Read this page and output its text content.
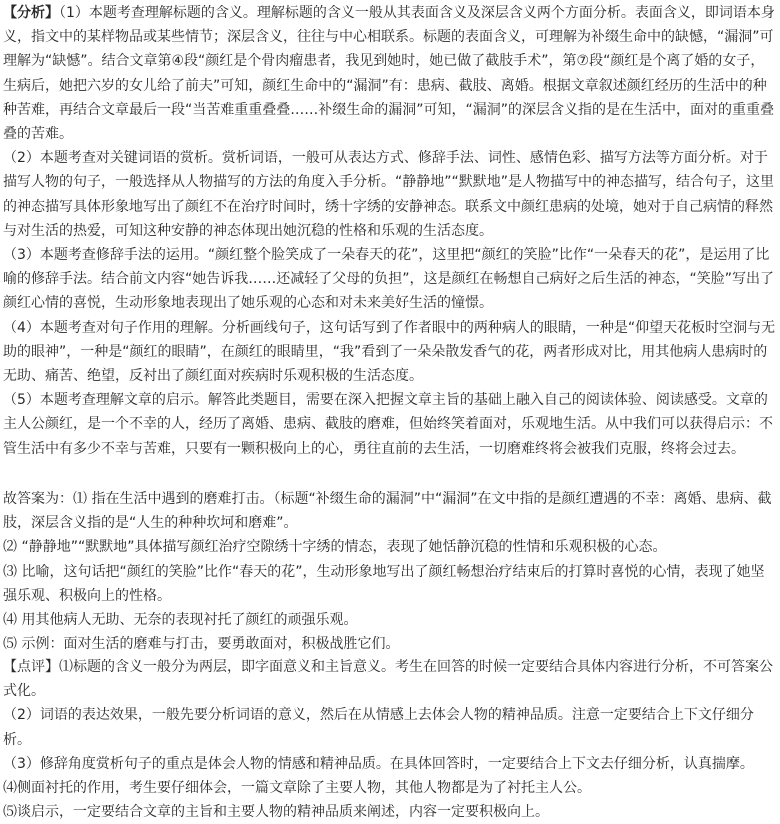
【分析】（1）本题考查理解标题的含义。理解标题的含义一般从其表面含义及深层含义两个方面分析。表面含义，即词语本身义，指文中的某样物品或某些情节；深层含义，往往与中心相联系。标题的表面含义，可理解为补缀生命中的缺憾，“漏洞”可理解为“缺憾”。结合文章第④段“颜红是个骨肉瘤患者，我见到她时，她已做了截肢手术”，第⑦段“颜红是个离了婚的女子，生病后，她把六岁的女儿给了前夫”可知，颜红生命中的“漏洞”有：患病、截肢、离婚。根据文章叙述颜红经历的生活中的种种苦难，再结合文章最后一段“当苦难重重叠叠……补缀生命的漏洞”可知，“漏洞”的深层含义指的是在生活中，面对的重重叠叠的苦难。

（2）本题考查对关键词语的赏析。赏析词语，一般可从表达方式、修辞手法、词性、感情色彩、描写方法等方面分析。对于描写人物的句子，一般选择从人物描写的方法的角度入手分析。“静静地”“默默地”是人物描写中的神态描写，结合句子，这里的神态描写具体形象地写出了颜红不在治疗时间时，绣十字绣的安静神态。联系文中颜红患病的处境，她对于自己病情的释然与对生活的热爱，可知这种安静的神态体现出她沉稳的性格和乐观的生活态度。

（3）本题考查修辞手法的运用。“颜红整个脸笑成了一朵春天的花”，这里把“颜红的笑脸”比作“一朵春天的花”，是运用了比喻的修辞手法。结合前文内容“她告诉我……还减轻了父母的负担”，这是颜红在畅想自己病好之后生活的神态，“笑脸”写出了颜红心情的喜悦，生动形象地表现出了她乐观的心态和对未来美好生活的憧憬。

（4）本题考查对句子作用的理解。分析画线句子，这句话写到了作者眼中的两种病人的眼睛，一种是“仰望天花板时空洞与无助的眼神”，一种是“颜红的眼睛”，在颜红的眼睛里，“我”看到了一朵朵散发香气的花，两者形成对比，用其他病人患病时的无助、痛苦、绝望，反衬出了颜红面对疾病时乐观积极的生活态度。

（5）本题考查理解文章的启示。解答此类题目，需要在深入把握文章主旨的基础上融入自己的阅读体验、阅读感受。文章的主人公颜红，是一个不幸的人，经历了离婚、患病、截肢的磨难，但始终笑着面对，乐观地生活。从中我们可以获得启示：不管生活中有多少不幸与苦难，只要有一颗积极向上的心，勇往直前的去生活，一切磨难终将会被我们克服，终将会过去。

故答案为：⑴ 指在生活中遇到的磨难打击。（标题“补缀生命的漏洞”中“漏洞”在文中指的是颜红遭遇的不幸：离婚、患病、截肢，深层含义指的是“人生的种种坎坷和磨难”。

⑵ “静静地”“默默地”具体描写颜红治疗空隙绣十字绣的情态，表现了她恬静沉稳的性情和乐观积极的心态。

⑶ 比喻，这句话把“颜红的笑脸”比作“春天的花”，生动形象地写出了颜红畅想治疗结束后的打算时喜悦的心情，表现了她坚强乐观、积极向上的性格。

⑷ 用其他病人无助、无奈的表现衬托了颜红的顽强乐观。

⑸ 示例：面对生活的磨难与打击，要勇敢面对，积极战胜它们。

【点评】⑴标题的含义一般分为两层，即字面意义和主旨意义。考生在回答的时候一定要结合具体内容进行分析，不可答案公式化。

（2）词语的表达效果，一般先要分析词语的意义，然后在从情感上去体会人物的精神品质。注意一定要结合上下文仔细分析。

（3）修辞角度赏析句子的重点是体会人物的情感和精神品质。在具体回答时，一定要结合上下文去仔细分析，认真揣摩。

⑷侧面衬托的作用，考生要仔细体会，一篇文章除了主要人物，其他人物都是为了衬托主人公。

⑸谈启示，一定要结合文章的主旨和主要人物的精神品质来阐述，内容一定要积极向上。
